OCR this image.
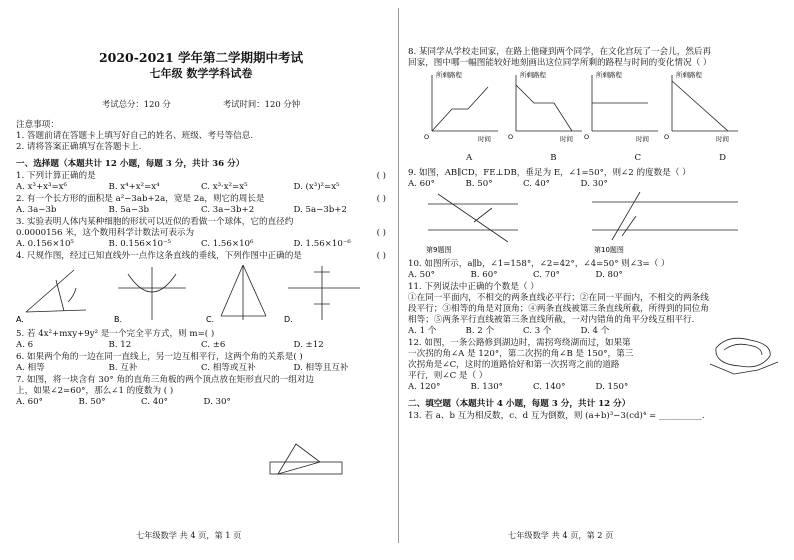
2020-2021 学年第二学期期中考试
七年级 数学学科试卷
考试总分：120 分	考试时间：120 分钟

注意事项：

1. 答题前请在答题卡上填写好自己的姓名、班级、考号等信息.

2. 请将答案正确填写在答题卡上.

一、选择题（本题共计 12 小题，每题 3 分，共计 36 分）

1. 下列计算正确的是	( )

A. x³+x³=x⁶	B. x⁴+x²=x⁴	C. x³·x²=x⁵	D. (x³)²=x⁵

2. 有一个长方形的面积是 a²−3ab+2a，宽是 2a，则它的周长是	( )

A. 3a−3b	B. 5a−3b	C. 3a−3b+2	D. 5a−3b+2

3. 实验表明人体内某种细胞的形状可以近似的看做一个球体，它的直径约

0.0000156 米，这个数用科学计数法可表示为	( )

A. 0.156×10⁵	B. 0.156×10⁻⁵	C. 1.56×10⁶	D. 1.56×10⁻⁶

4. 尺规作图，经过已知直线外一点作这条直线的垂线，下列作图中正确的是	( )

A.	B.	C.	D.

5. 若 4x²+mxy+9y² 是一个完全平方式，则 m=( )

A. 6	B. 12	C. ±6	D. ±12

6. 如果两个角的一边在同一直线上，另一边互相平行，这两个角的关系是( )

A. 相等	B. 互补	C. 相等或互补	D. 相等且互补

7. 如图，将一块含有 30° 角的直角三角板的两个顶点放在矩形直尺的一组对边

上，如果∠2=60°，那么∠1 的度数为 ( )

A. 60°	B. 50°	C. 40°	D. 30°
七年级数学 共 4 页，第 1 页

8. 某同学从学校走回家，在路上他碰到两个同学，在文化宫玩了一会儿，然后再

回家，图中哪一幅图能较好地刻画出这位同学所剩的路程与时间的变化情况（ ）

所剩路程	所剩路程	所剩路程	所剩路程
时间	时间	时间	时间
O	O	O	O
A	B	C	D

9. 如图，AB∥CD，FE⊥DB，垂足为 E，∠1=50°，则∠2 的度数是（ ）

A. 60°	B. 50°	C. 40°	D. 30°
第9题图	第10题图

10. 如图所示，a∥b，∠1=158°，∠2=42°，∠4=50° 则∠3=（ ）

A. 50°	B. 60°	C. 70°	D. 80°

11. 下列说法中正确的个数是（ ）

①在同一平面内，不相交的两条直线必平行；②在同一平面内，不相交的两条线

段平行；③相等的角是对顶角；④两条直线被第三条直线所截，所得到的同位角

相等；⑤两条平行直线被第三条直线所截，一对内错角的角平分线互相平行.

A. 1 个	B. 2 个	C. 3 个	D. 4 个

12. 如图，一条公路修到湖边时，需拐弯绕湖而过，如果第

一次拐的角∠A 是 120°，第二次拐的角∠B 是 150°，第三

次拐角是∠C，这时的道路恰好和第一次拐弯之前的道路

平行，则∠C 是（ ）

A. 120°	B. 130°	C. 140°	D. 150°

二、填空题（本题共计 4 小题，每题 3 分，共计 12 分）

13. 若 a、b 互为相反数，c、d 互为倒数，则 (a+b)³−3(cd)⁴ = __________.

七年级数学 共 4 页，第 2 页
